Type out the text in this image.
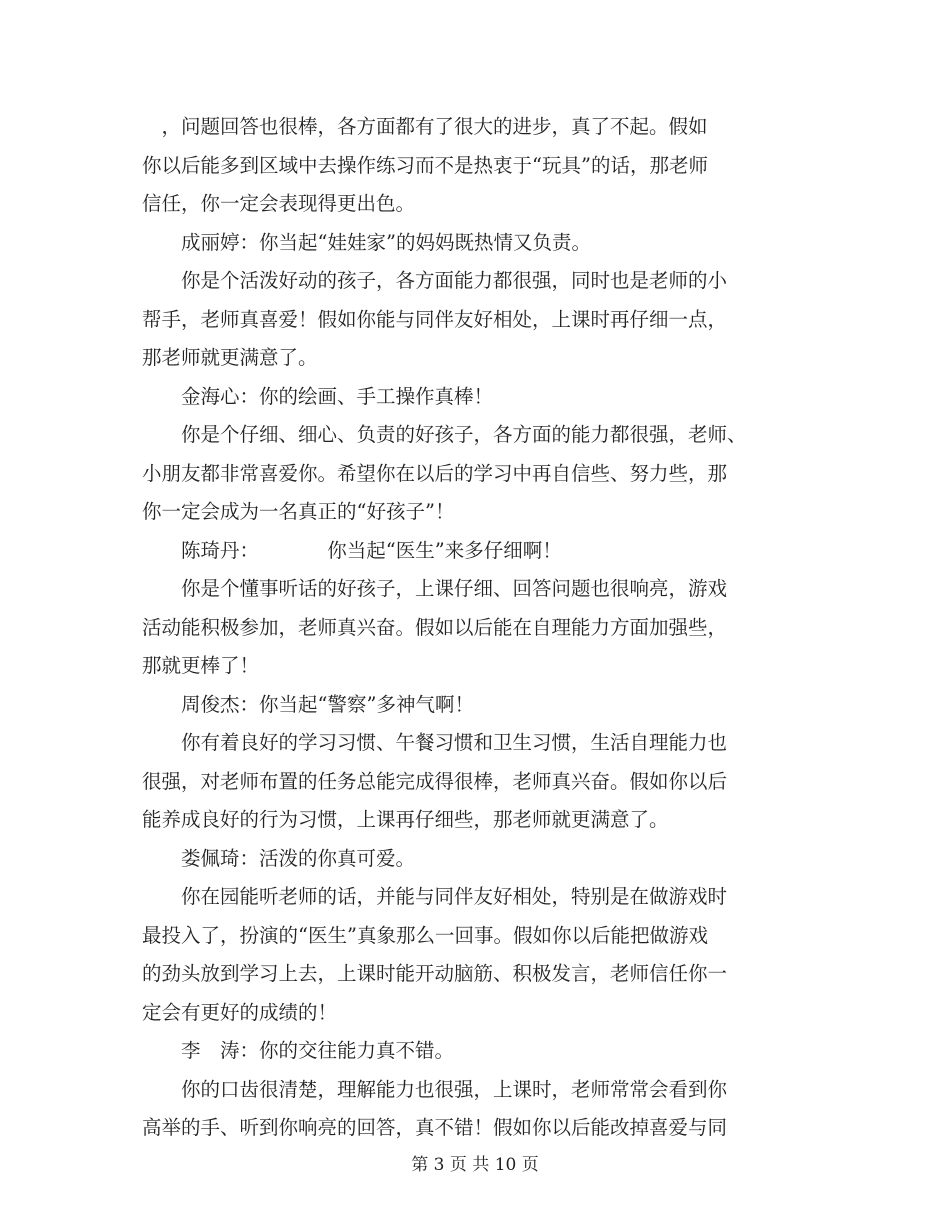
　，问题回答也很棒，各方面都有了很大的进步，真了不起。假如
你以后能多到区域中去操作练习而不是热衷于“玩具”的话，那老师
信任，你一定会表现得更出色。
　　成丽婷：你当起“娃娃家”的妈妈既热情又负责。
　　你是个活泼好动的孩子，各方面能力都很强，同时也是老师的小
帮手，老师真喜爱！假如你能与同伴友好相处，上课时再仔细一点，
那老师就更满意了。
　　金海心：你的绘画、手工操作真棒！
　　你是个仔细、细心、负责的好孩子，各方面的能力都很强，老师、
小朋友都非常喜爱你。希望你在以后的学习中再自信些、努力些，那
你一定会成为一名真正的“好孩子”！
　　陈琦丹：　　　　你当起“医生”来多仔细啊！
　　你是个懂事听话的好孩子，上课仔细、回答问题也很响亮，游戏
活动能积极参加，老师真兴奋。假如以后能在自理能力方面加强些，
那就更棒了！
　　周俊杰：你当起“警察”多神气啊！
　　你有着良好的学习习惯、午餐习惯和卫生习惯，生活自理能力也
很强，对老师布置的任务总能完成得很棒，老师真兴奋。假如你以后
能养成良好的行为习惯，上课再仔细些，那老师就更满意了。
　　娄佩琦：活泼的你真可爱。
　　你在园能听老师的话，并能与同伴友好相处，特别是在做游戏时
最投入了，扮演的“医生”真象那么一回事。假如你以后能把做游戏
的劲头放到学习上去，上课时能开动脑筋、积极发言，老师信任你一
定会有更好的成绩的！
　　李　涛：你的交往能力真不错。
　　你的口齿很清楚，理解能力也很强，上课时，老师常常会看到你
高举的手、听到你响亮的回答，真不错！假如你以后能改掉喜爱与同
第 3 页 共 10 页
